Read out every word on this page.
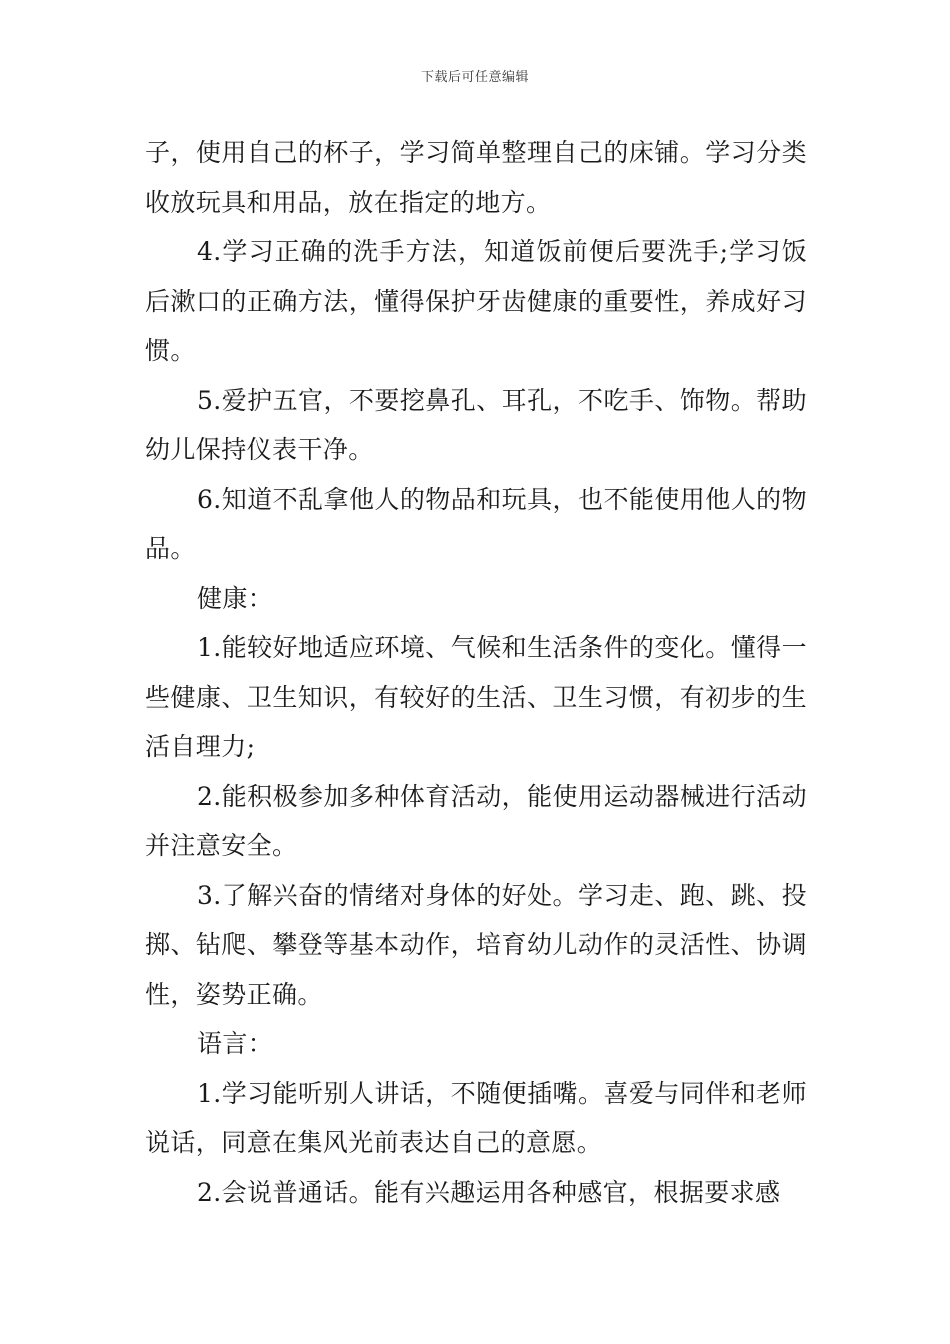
下载后可任意编辑

子，使用自己的杯子，学习简单整理自己的床铺。学习分类收放玩具和用品，放在指定的地方。

4.学习正确的洗手方法，知道饭前便后要洗手;学习饭后漱口的正确方法，懂得保护牙齿健康的重要性，养成好习惯。

5.爱护五官，不要挖鼻孔、耳孔，不吃手、饰物。帮助幼儿保持仪表干净。

6.知道不乱拿他人的物品和玩具，也不能使用他人的物品。

健康：

1.能较好地适应环境、气候和生活条件的变化。懂得一些健康、卫生知识，有较好的生活、卫生习惯，有初步的生活自理力;

2.能积极参加多种体育活动，能使用运动器械进行活动并注意安全。

3.了解兴奋的情绪对身体的好处。学习走、跑、跳、投掷、钻爬、攀登等基本动作，培育幼儿动作的灵活性、协调性，姿势正确。

语言：

1.学习能听别人讲话，不随便插嘴。喜爱与同伴和老师说话，同意在集风光前表达自己的意愿。

2.会说普通话。能有兴趣运用各种感官，根据要求感
